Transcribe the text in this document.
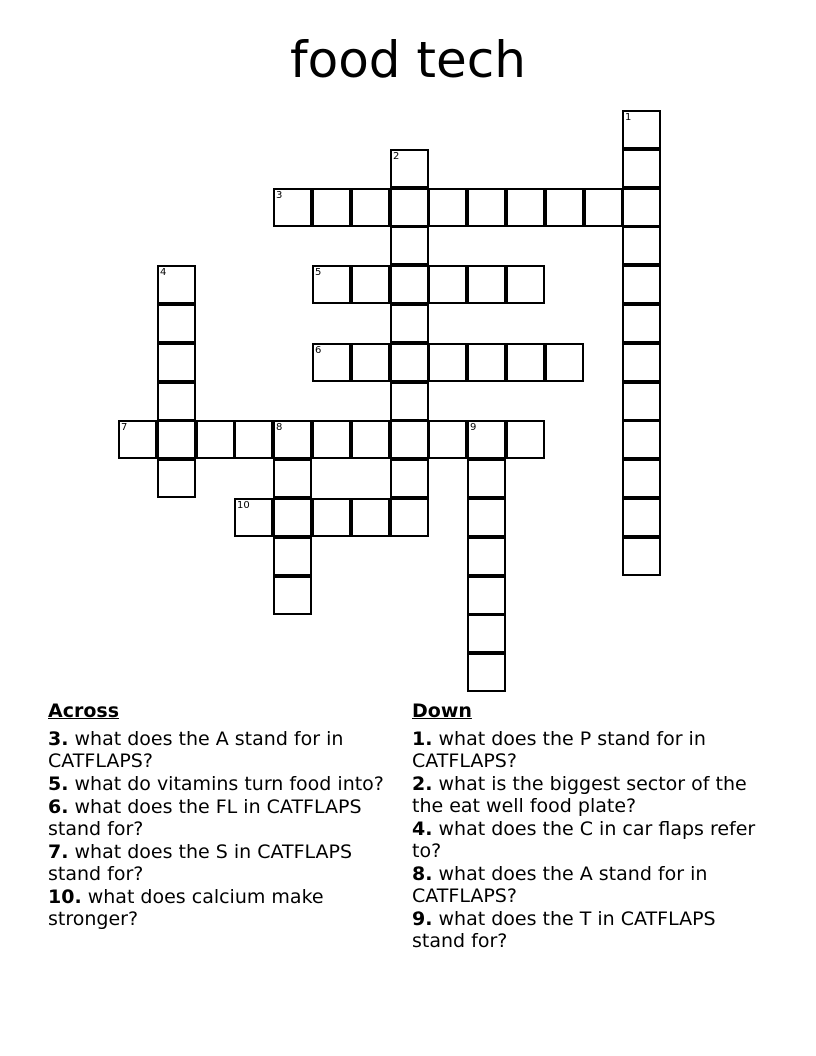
food tech
1
2
3
4	5
6
7	8	9
10
Across
3. what does the A stand for in CATFLAPS?
5. what do vitamins turn food into?
6. what does the FL in CATFLAPS stand for?
7. what does the S in CATFLAPS stand for?
10. what does calcium make stronger?
Down
1. what does the P stand for in CATFLAPS?
2. what is the biggest sector of the the eat well food plate?
4. what does the C in car flaps refer to?
8. what does the A stand for in CATFLAPS?
9. what does the T in CATFLAPS stand for?
